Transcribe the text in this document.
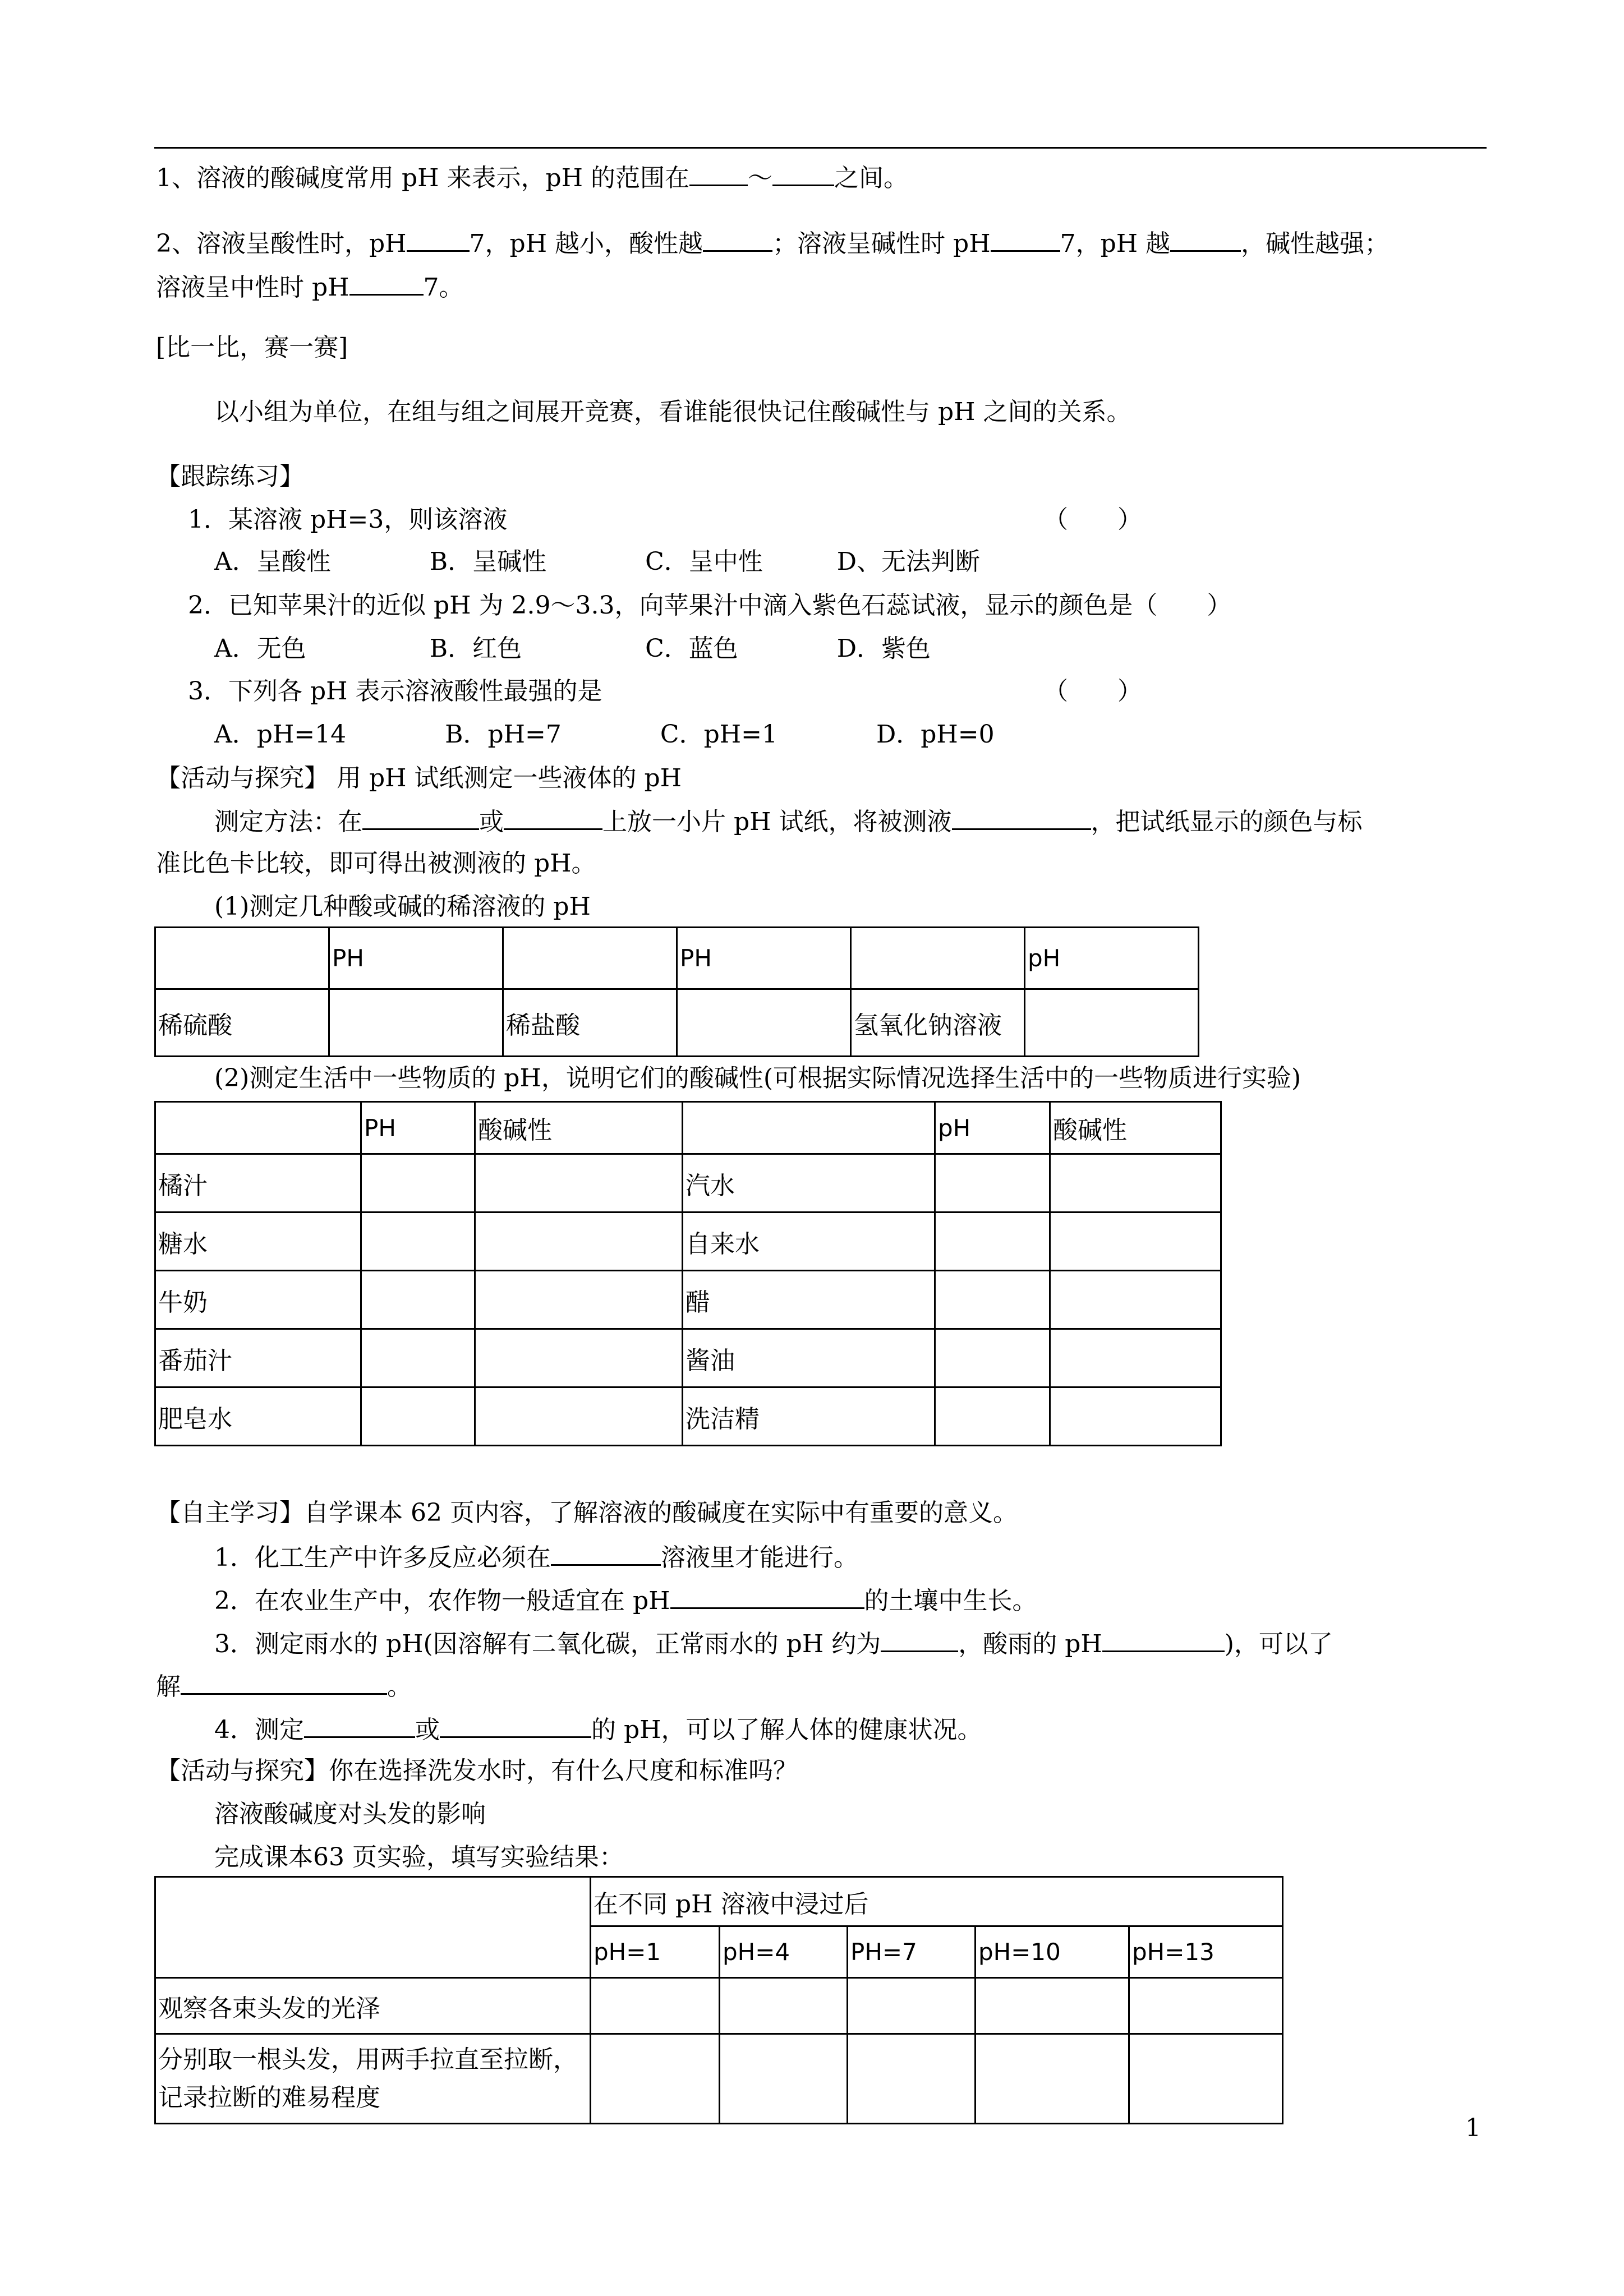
1、溶液的酸碱度常用 pH 来表示，pH 的范围在 ～	之间。
2、溶液呈酸性时，pH	7，pH 越小，酸性越	；溶液呈碱性时 pH	7，pH 越	，碱性越强；
溶液呈中性时 pH	7。
[比一比，赛一赛]
以小组为单位，在组与组之间展开竞赛，看谁能很快记住酸碱性与 pH 之间的关系。
【跟踪练习】
1．某溶液 pH=3，则该溶液	（　　）
A．呈酸性　　　　B．呈碱性　　　　C．呈中性　　　D、无法判断
2．已知苹果汁的近似 pH 为 2.9～3.3，向苹果汁中滴入紫色石蕊试液，显示的颜色是（　　）
A．无色　　　　　B．红色　　　　　C．蓝色　　　　D．紫色
3．下列各 pH 表示溶液酸性最强的是	（　　）
A．pH=14　　　　B．pH=7　　　　C．pH=1　　　　D．pH=0
【活动与探究】 用 pH 试纸测定一些液体的 pH
测定方法：在	或	上放一小片 pH 试纸，将被测液	，把试纸显示的颜色与标
准比色卡比较，即可得出被测液的 pH。
(1)测定几种酸或碱的稀溶液的 pH
	PH		PH		pH
稀硫酸		稀盐酸		氢氧化钠溶液	
(2)测定生活中一些物质的 pH，说明它们的酸碱性(可根据实际情况选择生活中的一些物质进行实验)
	PH	酸碱性		pH	酸碱性
橘汁			汽水		
糖水			自来水		
牛奶			醋		
番茄汁			酱油		
肥皂水			洗洁精		
【自主学习】自学课本 62 页内容，了解溶液的酸碱度在实际中有重要的意义。
1．化工生产中许多反应必须在	溶液里才能进行。
2．在农业生产中，农作物一般适宜在 pH	的土壤中生长。
3．测定雨水的 pH(因溶解有二氧化碳，正常雨水的 pH 约为	，酸雨的 pH	)，可以了
解	。
4．测定	或	的 pH，可以了解人体的健康状况。
【活动与探究】你在选择洗发水时，有什么尺度和标准吗？
溶液酸碱度对头发的影响
完成课本63 页实验，填写实验结果：
	在不同 pH 溶液中浸过后				
	pH=1	pH=4	PH=7	pH=10	pH=13
观察各束头发的光泽					
分别取一根头发，用两手拉直至拉断，记录拉断的难易程度					
1
